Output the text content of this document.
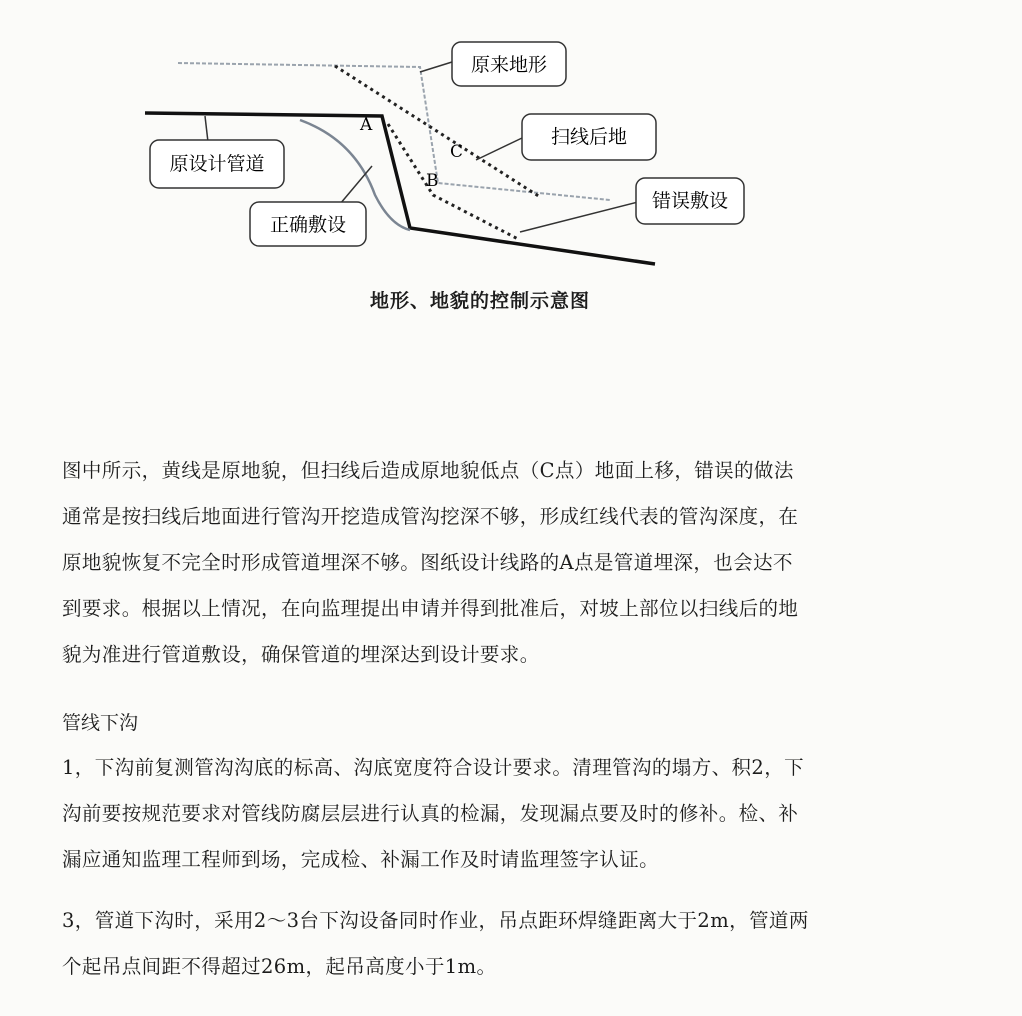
A
B
C
原来地形
扫线后地
原设计管道
正确敷设
错误敷设
地形、地貌的控制示意图
图中所示，黄线是原地貌，但扫线后造成原地貌低点（C点）地面上移，错误的做法
通常是按扫线后地面进行管沟开挖造成管沟挖深不够，形成红线代表的管沟深度，在
原地貌恢复不完全时形成管道埋深不够。图纸设计线路的A点是管道埋深，也会达不
到要求。根据以上情况，在向监理提出申请并得到批准后，对坡上部位以扫线后的地
貌为准进行管道敷设，确保管道的埋深达到设计要求。
管线下沟
1，下沟前复测管沟沟底的标高、沟底宽度符合设计要求。清理管沟的塌方、积2，下
沟前要按规范要求对管线防腐层层进行认真的检漏，发现漏点要及时的修补。检、补
漏应通知监理工程师到场，完成检、补漏工作及时请监理签字认证。
3，管道下沟时，采用2～3台下沟设备同时作业，吊点距环焊缝距离大于2m，管道两
个起吊点间距不得超过26m，起吊高度小于1m。
